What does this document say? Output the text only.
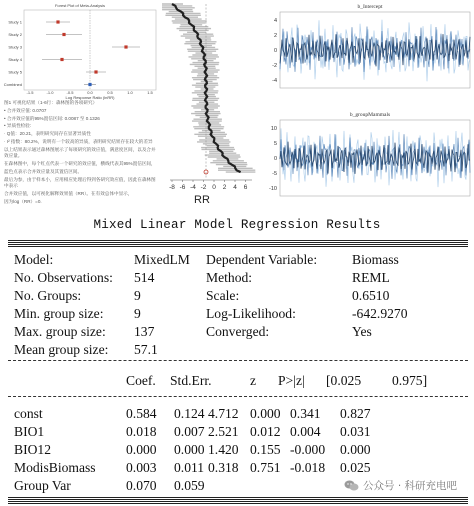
Forest Plot of Meta-Analysis
Study 1
Study 2
Study 3
Study 4
Study 5
Combined
-1.5	-1.0	-0.5	0.0	0.5	1.0	1.5
Log Response Ratio (lnRR)

图1 可视化结果（1-6行：森林图的各项研究）

• 合并效应值: 0.0707

• 合并效应值的95%置信区间: 0.0087 至 0.1326

• 异质性检验:

· Q值：20.21，表明研究间存在显著异质性

· I² 指数：80.2%，说明有一个较高的异质，表明研究结果存在较大的差异

以上结果表示通过森林图展示了每项研究的效应值，满意度区间，以及合并效应量。

在森林图中，每个红点代表一个研究的效应值，横线代表其95%置信区间，

蓝色点表示合并效应量及其置信区间。

最后为参，由于样本小，应用相应处理后得到各研究效应值，因此在森林图中表示

合并效应值，以可视化解释效果值（RR）。在有效总体中显示，

因为log（RR）=0.

-8 -6 -4 -2 0 2 4 6
RR
b_Intercept
4
2
0
-2
-4
b_groupMammals
10
5
0
-5
-10
Mixed Linear Model Regression Results
Model:	MixedLM Dependent Variable:	Biomass
No. Observations: 514	Method:	REML
No. Groups:	9	Scale:	0.6510
Min. group size: 9	Log-Likelihood:	-642.9270
Max. group size: 137	Converged:	Yes
Mean group size: 57.1
Coef. Std.Err.	z P>|z| [0.025 0.975]
const	0.584 0.124 4.712 0.000 0.341 0.827
BIO1	0.018 0.007 2.521 0.012 0.004 0.031
BIO12	0.000 0.000 1.420 0.155 -0.000 0.000
ModisBiomass 0.003 0.011 0.318 0.751 -0.018 0.025
Group Var	0.070 0.059	公众号 · 科研充电吧
